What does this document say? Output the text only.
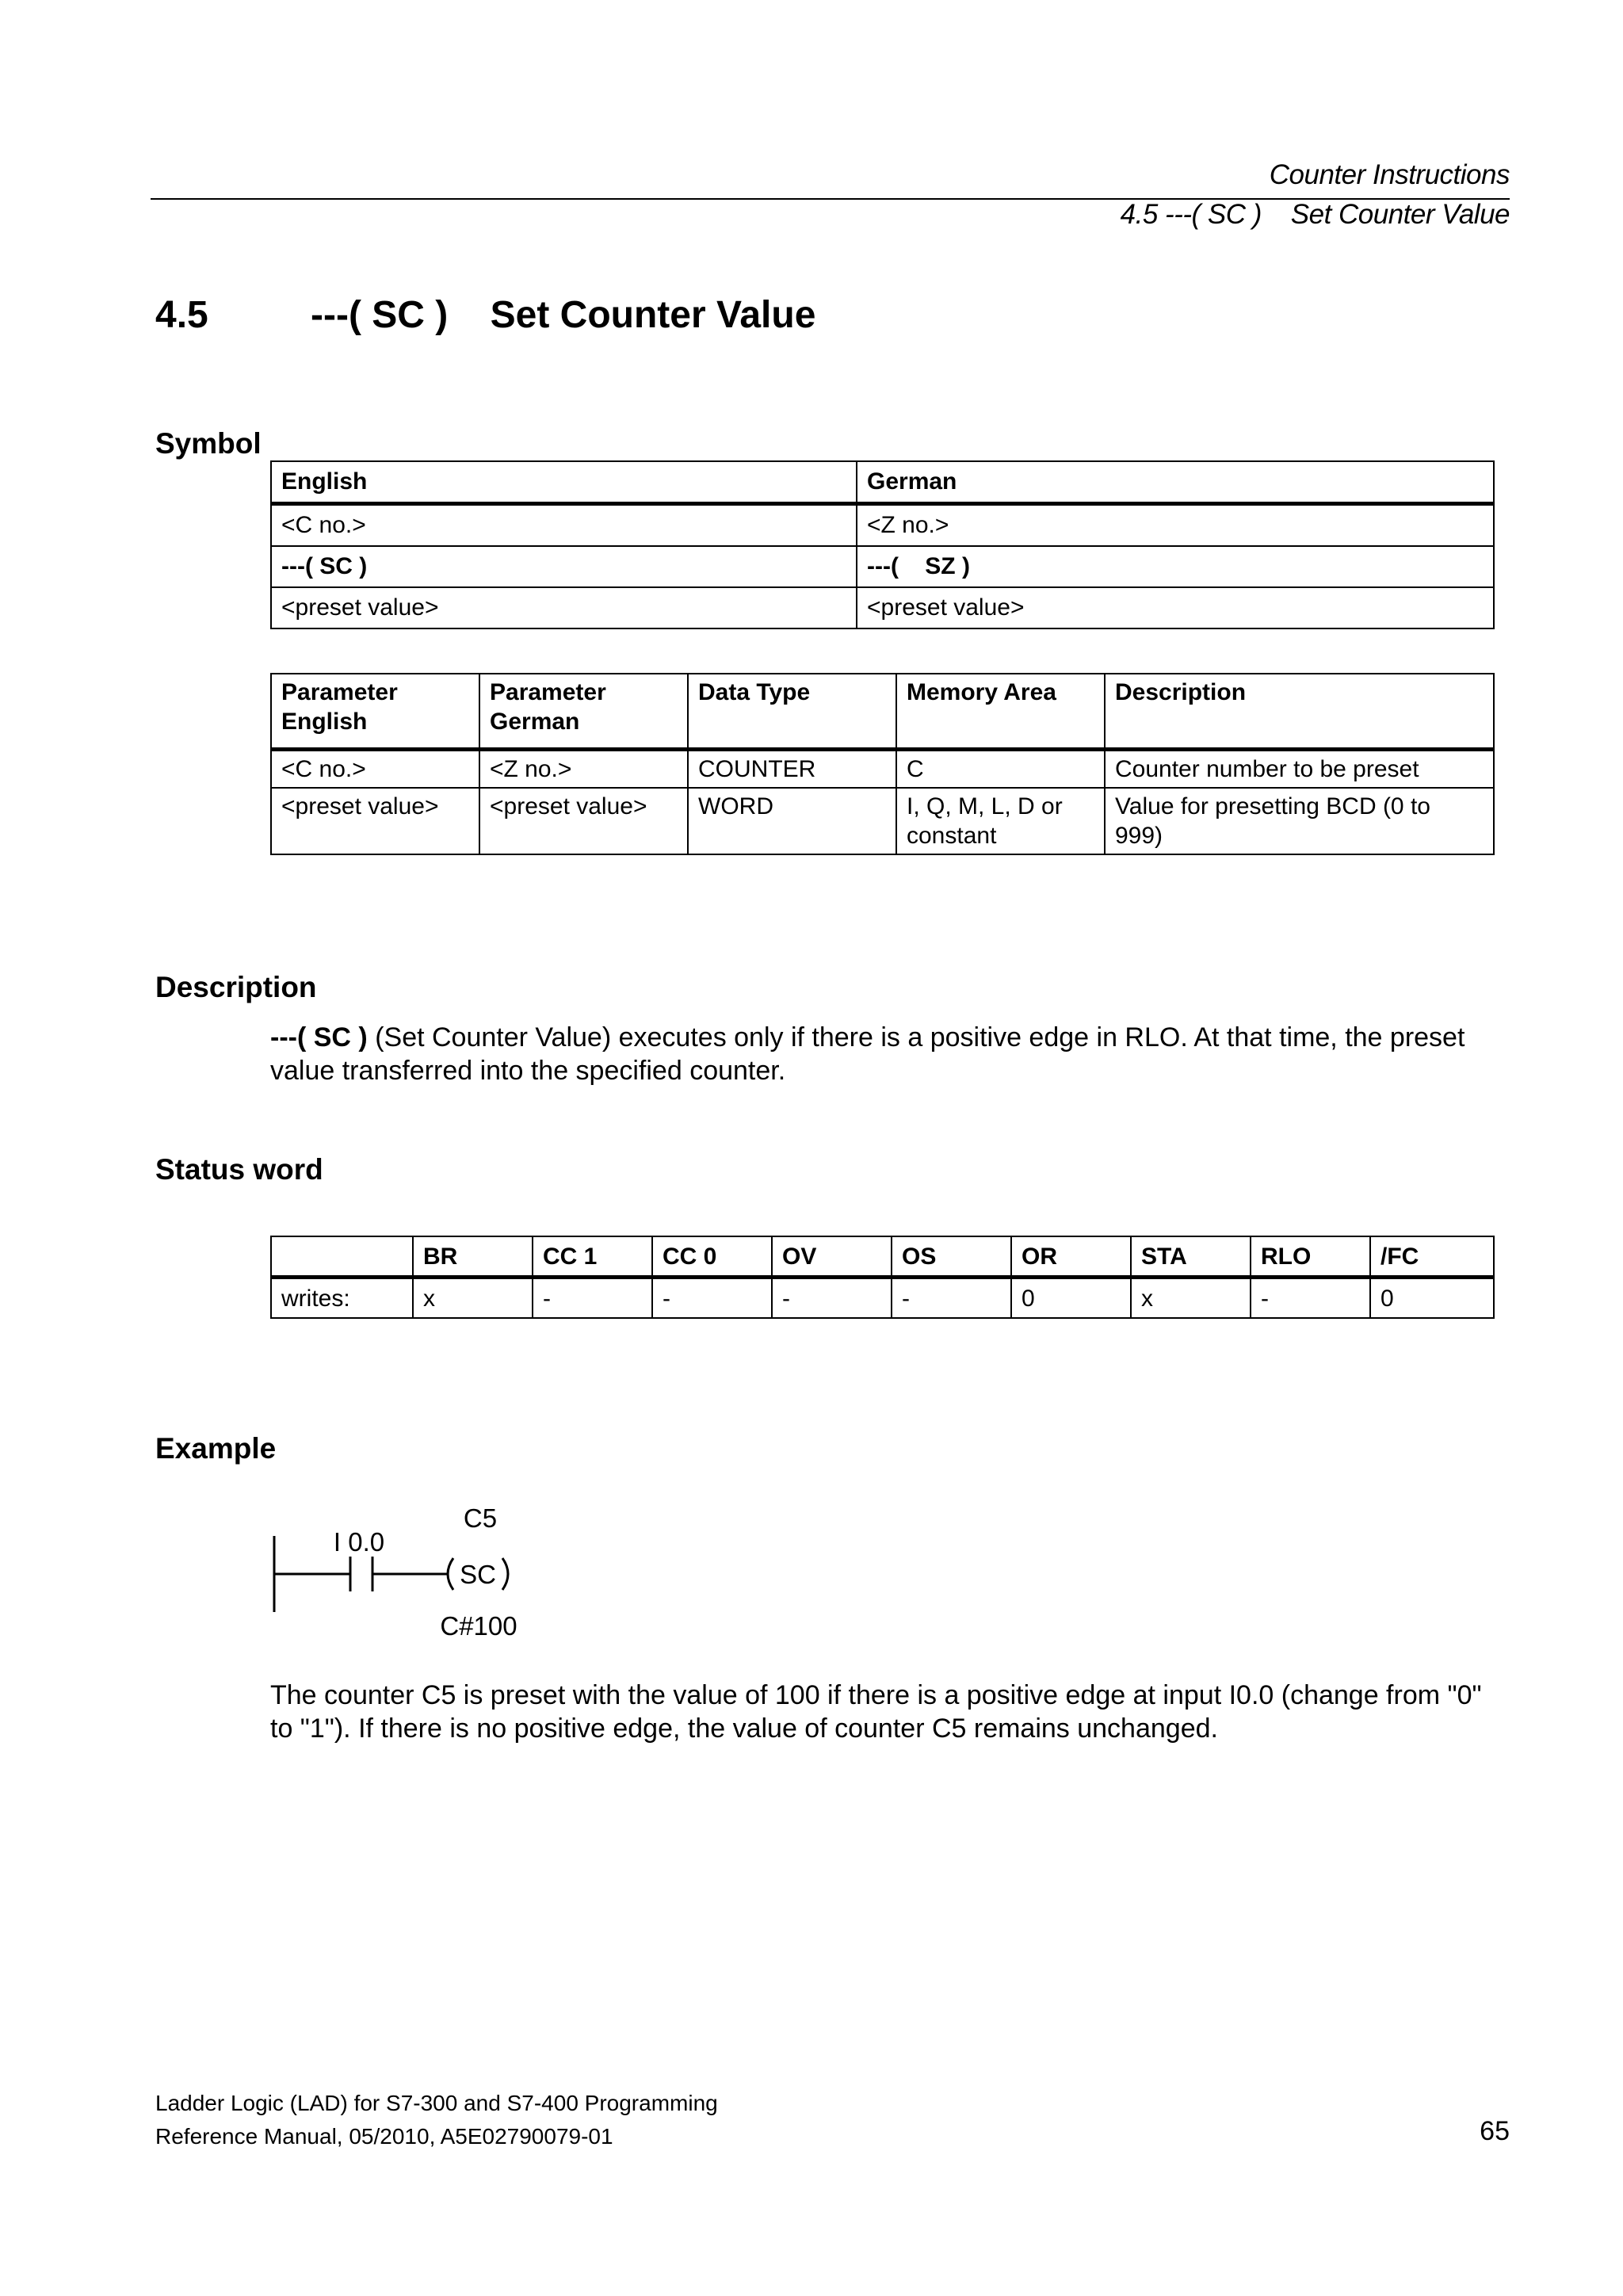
Counter Instructions
4.5 ---( SC )    Set Counter Value
4.5	---( SC )    Set Counter Value
Symbol
English	German
<C no.>	<Z no.>
---( SC )	---(    SZ )
<preset value>	<preset value>
Parameter English	Parameter German	Data Type	Memory Area	Description
<C no.>	<Z no.>	COUNTER	C	Counter number to be preset
<preset value>	<preset value>	WORD	I, Q, M, L, D or constant	Value for presetting BCD (0 to 999)
Description
---( SC ) (Set Counter Value) executes only if there is a positive edge in RLO. At that time, the preset value transferred into the specified counter.
Status word
	BR	CC 1	CC 0	OV	OS	OR	STA	RLO	/FC
writes:	x	-	-	-	-	0	x	-	0
Example
I 0.0
C5
SC
C#100
The counter C5 is preset with the value of 100 if there is a positive edge at input I0.0 (change from "0" to "1"). If there is no positive edge, the value of counter C5 remains unchanged.
Ladder Logic (LAD) for S7-300 and S7-400 Programming
Reference Manual, 05/2010, A5E02790079-01	65
